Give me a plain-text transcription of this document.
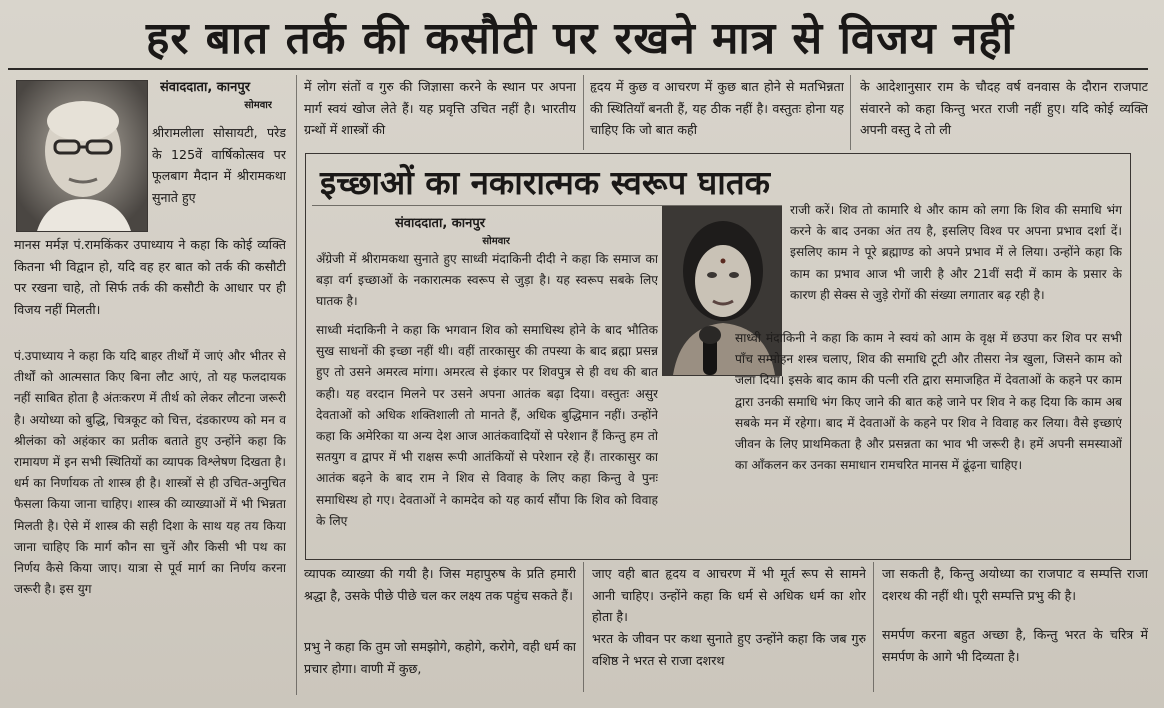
हर बात तर्क की कसौटी पर रखने मात्र से विजय नहीं
संवाददाता, कानपुर
सोमवार

श्रीरामलीला सोसायटी, परेड के 125वें वार्षिकोत्सव पर फूलबाग मैदान में श्रीरामकथा सुनाते हुए

मानस मर्मज्ञ पं.रामकिंकर उपाध्याय ने कहा कि कोई व्यक्ति कितना भी विद्वान हो, यदि वह हर बात को तर्क की कसौटी पर रखना चाहे, तो सिर्फ तर्क की कसौटी के आधार पर ही विजय नहीं मिलती।

पं.उपाध्याय ने कहा कि यदि बाहर तीर्थों में जाएं और भीतर से तीर्थों को आत्मसात किए बिना लौट आएं, तो यह फलदायक नहीं साबित होता है अंतःकरण में तीर्थ को लेकर लौटना जरूरी है। अयोध्या को बुद्धि, चित्रकूट को चित्त, दंडकारण्य को मन व श्रीलंका को अहंकार का प्रतीक बताते हुए उन्होंने कहा कि रामायण में इन सभी स्थितियों का व्यापक विश्लेषण दिखता है। धर्म का निर्णायक तो शास्त्र ही है। शास्त्रों से ही उचित-अनुचित फैसला किया जाना चाहिए। शास्त्र की व्याख्याओं में भी भिन्नता मिलती है। ऐसे में शास्त्र की सही दिशा के साथ यह तय किया जाना चाहिए कि मार्ग कौन सा चुनें और किसी भी पथ का निर्णय कैसे किया जाए। यात्रा से पूर्व मार्ग का निर्णय करना जरूरी है। इस युग

में लोग संतों व गुरु की जिज्ञासा करने के स्थान पर अपना मार्ग स्वयं खोज लेते हैं। यह प्रवृत्ति उचित नहीं है। भारतीय ग्रन्थों में शास्त्रों की

हृदय में कुछ व आचरण में कुछ बात होने से मतभिन्नता की स्थितियाँ बनती हैं, यह ठीक नहीं है। वस्तुतः होना यह चाहिए कि जो बात कही

के आदेशानुसार राम के चौदह वर्ष वनवास के दौरान राजपाट संवारने को कहा किन्तु भरत राजी नहीं हुए। यदि कोई व्यक्ति अपनी वस्तु दे तो ली

इच्छाओं का नकारात्मक स्वरूप घातक
संवाददाता, कानपुर
सोमवार

अँग्रेजी में श्रीरामकथा सुनाते हुए साध्वी मंदाकिनी दीदी ने कहा कि समाज का बड़ा वर्ग इच्छाओं के नकारात्मक स्वरूप से जुड़ा है। यह स्वरूप सबके लिए घातक है।

साध्वी मंदाकिनी ने कहा कि भगवान शिव को समाधिस्थ होने के बाद भौतिक सुख साधनों की इच्छा नहीं थी। वहीं तारकासुर की तपस्या के बाद ब्रह्मा प्रसन्न हुए तो उसने अमरत्व मांगा। अमरत्व से इंकार पर शिवपुत्र से ही वध की बात कही। यह वरदान मिलने पर उसने अपना आतंक बढ़ा दिया। वस्तुतः असुर देवताओं को अधिक शक्तिशाली तो मानते हैं, अधिक बुद्धिमान नहीं। उन्होंने कहा कि अमेरिका या अन्य देश आज आतंकवादियों से परेशान हैं किन्तु हम तो सतयुग व द्वापर में भी राक्षस रूपी आतंकियों से परेशान रहे हैं। तारकासुर का आतंक बढ़ने के बाद राम ने शिव से विवाह के लिए कहा किन्तु वे पुनः समाधिस्थ हो गए। देवताओं ने कामदेव को यह कार्य सौंपा कि शिव को विवाह के लिए

राजी करें। शिव तो कामारि थे और काम को लगा कि शिव की समाधि भंग करने के बाद उनका अंत तय है, इसलिए विश्व पर अपना प्रभाव दर्शा दें। इसलिए काम ने पूरे ब्रह्माण्ड को अपने प्रभाव में ले लिया। उन्होंने कहा कि काम का प्रभाव आज भी जारी है और 21वीं सदी में काम के प्रसार के कारण ही सेक्स से जुड़े रोगों की संख्या लगातार बढ़ रही है।

साध्वी मंदाकिनी ने कहा कि काम ने स्वयं को आम के वृक्ष में छउपा कर शिव पर सभी पाँच सम्मोहन शस्त्र चलाए, शिव की समाधि टूटी और तीसरा नेत्र खुला, जिसने काम को जला दिया। इसके बाद काम की पत्नी रति द्वारा समाजहित में देवताओं के कहने पर काम द्वारा उनकी समाधि भंग किए जाने की बात कहे जाने पर शिव ने कह दिया कि काम अब सबके मन में रहेगा। बाद में देवताओं के कहने पर शिव ने विवाह कर लिया। वैसे इच्छाएं जीवन के लिए प्राथमिकता है और प्रसन्नता का भाव भी जरूरी है। हमें अपनी समस्याओं का आँकलन कर उनका समाधान रामचरित मानस में ढूंढ़ना चाहिए।

व्यापक व्याख्या की गयी है। जिस महापुरुष के प्रति हमारी श्रद्धा है, उसके पीछे पीछे चल कर लक्ष्य तक पहुंच सकते हैं।

प्रभु ने कहा कि तुम जो समझोगे, कहोगे, करोगे, वही धर्म का प्रचार होगा। वाणी में कुछ,

जाए वही बात हृदय व आचरण में भी मूर्त रूप से सामने आनी चाहिए। उन्होंने कहा कि धर्म से अधिक धर्म का शोर होता है।

भरत के जीवन पर कथा सुनाते हुए उन्होंने कहा कि जब गुरु वशिष्ठ ने भरत से राजा दशरथ

जा सकती है, किन्तु अयोध्या का राजपाट व सम्पत्ति राजा दशरथ की नहीं थी। पूरी सम्पत्ति प्रभु की है।

समर्पण करना बहुत अच्छा है, किन्तु भरत के चरित्र में समर्पण के आगे भी दिव्यता है।
